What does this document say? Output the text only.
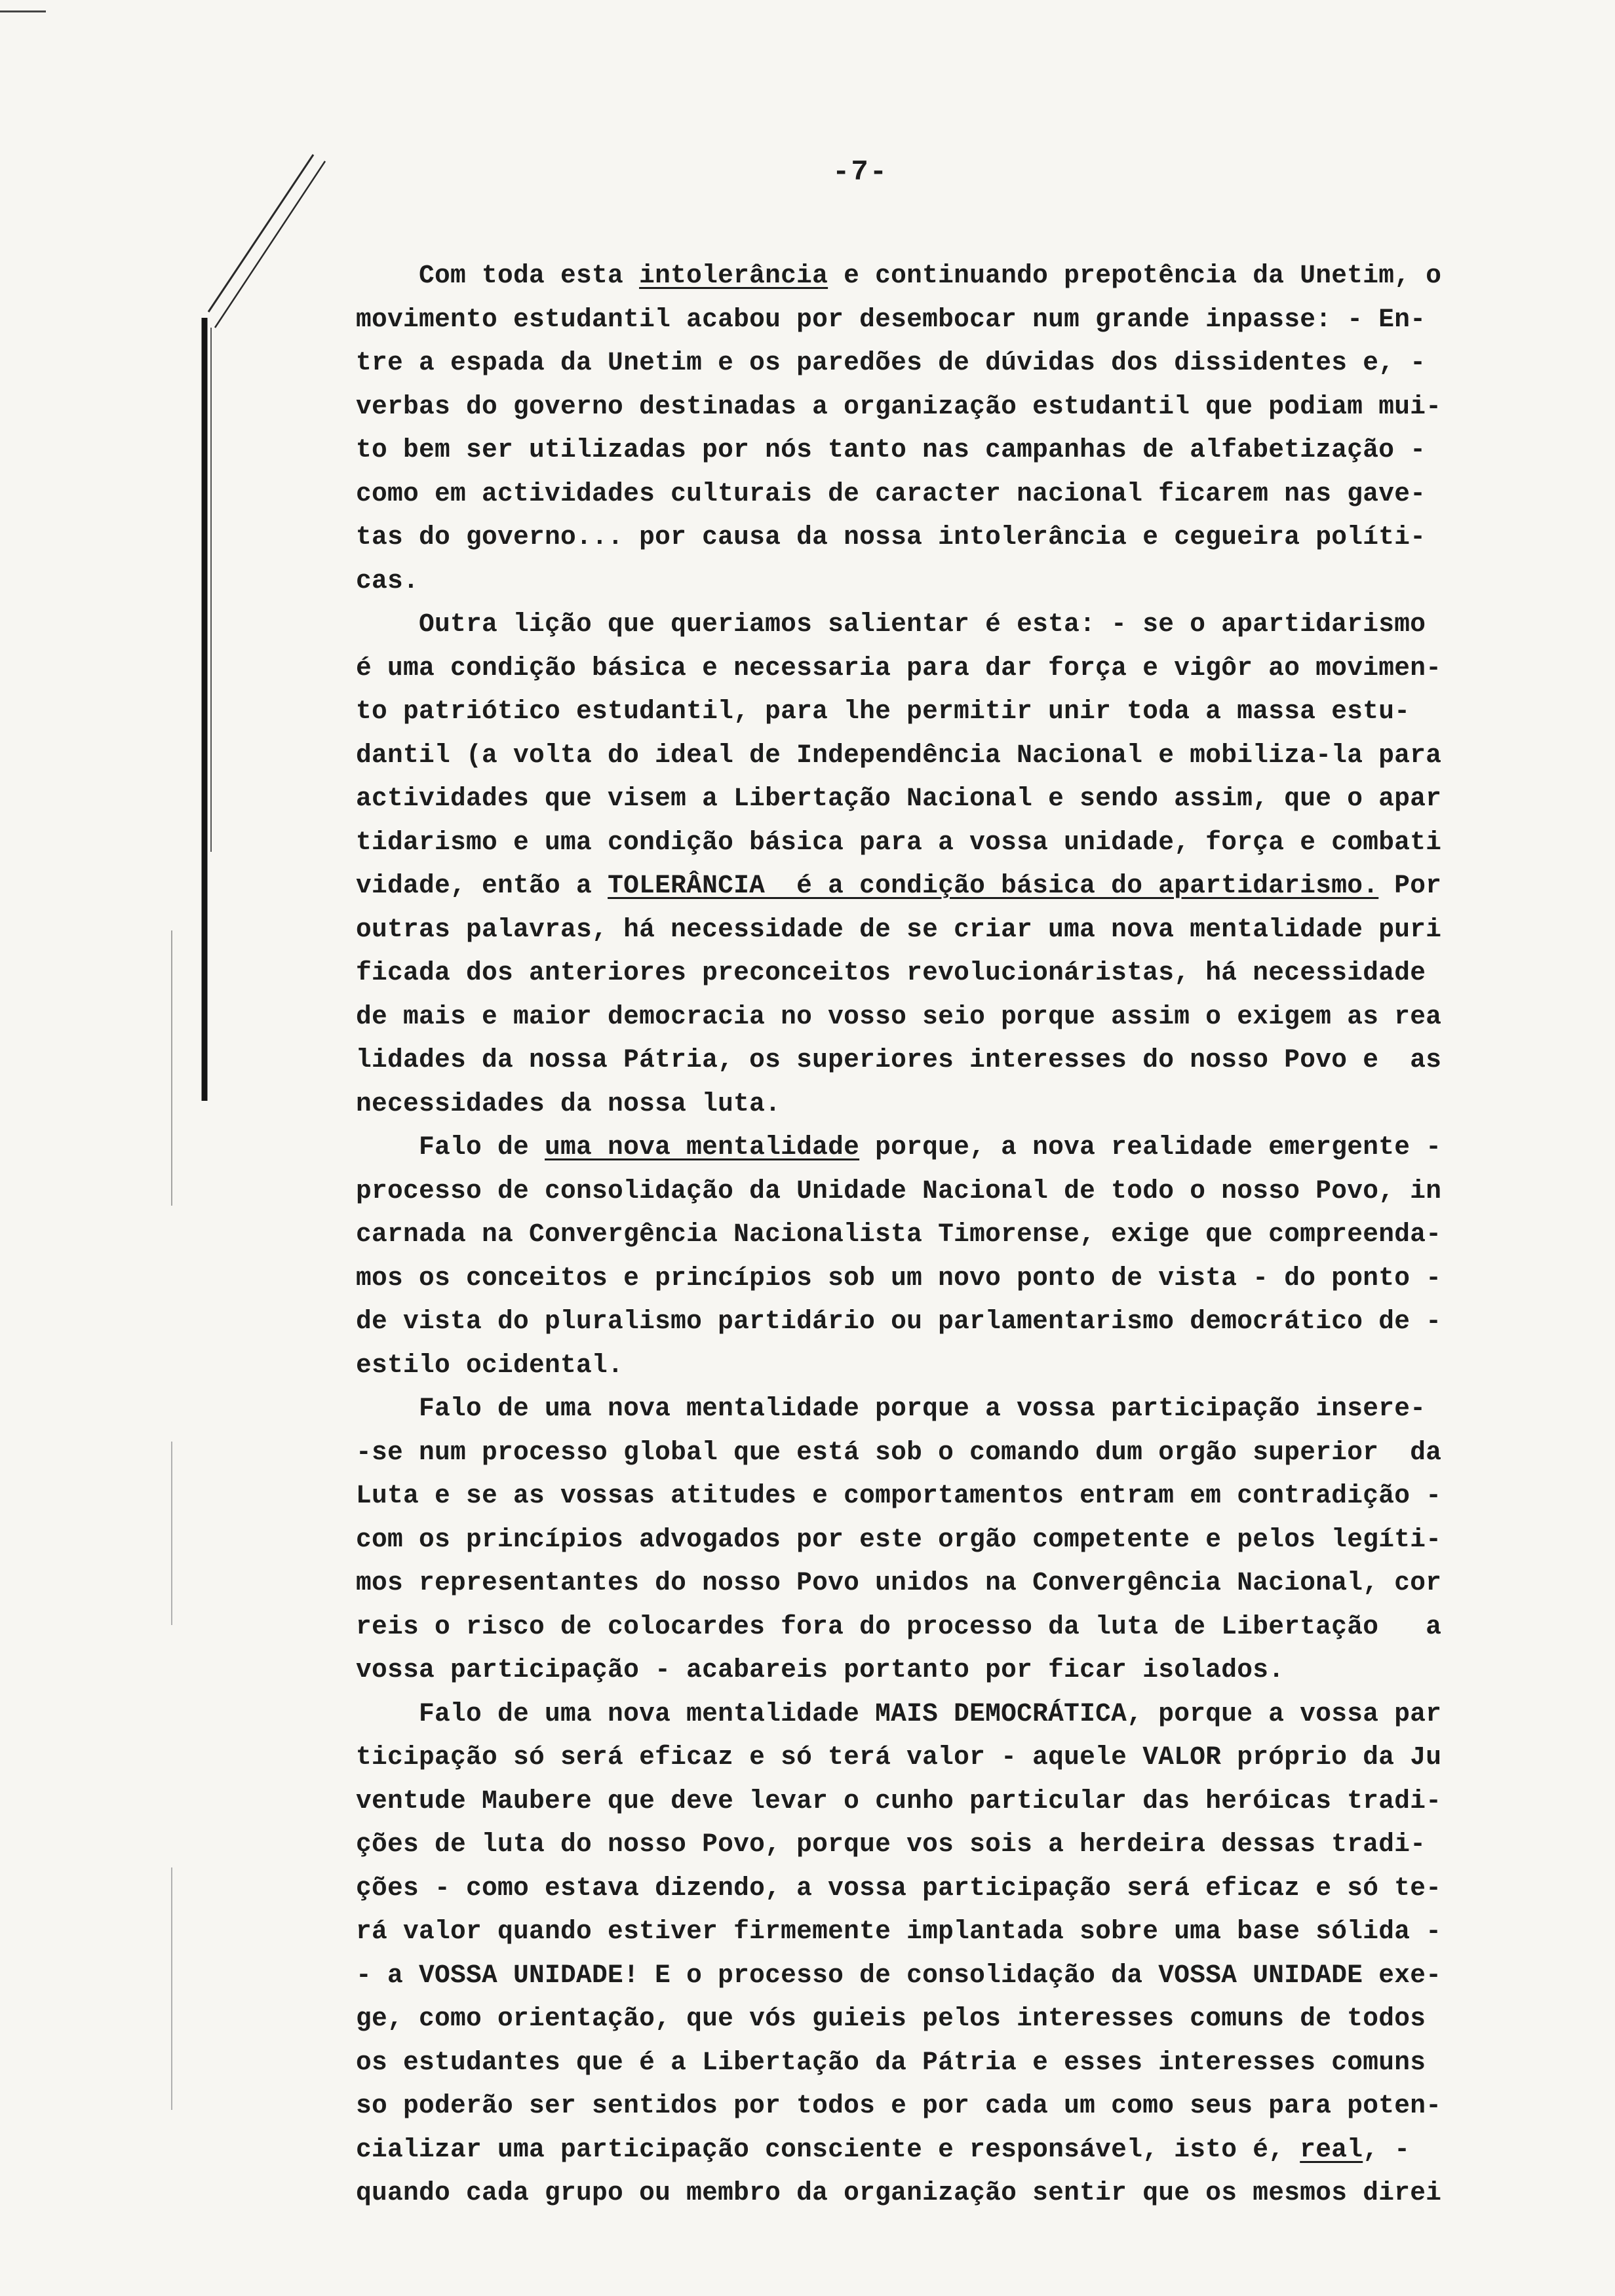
-7-
Com toda esta intolerância e continuando prepotência da Unetim, o
movimento estudantil acabou por desembocar num grande inpasse: - En-
tre a espada da Unetim e os paredões de dúvidas dos dissidentes e, -
verbas do governo destinadas a organização estudantil que podiam mui-
to bem ser utilizadas por nós tanto nas campanhas de alfabetização -
como em actividades culturais de caracter nacional ficarem nas gave-
tas do governo... por causa da nossa intolerância e cegueira políti-
cas.
Outra lição que queriamos salientar é esta: - se o apartidarismo
é uma condição básica e necessaria para dar força e vigôr ao movimen-
to patriótico estudantil, para lhe permitir unir toda a massa estu-
dantil (a volta do ideal de Independência Nacional e mobiliza-la para
actividades que visem a Libertação Nacional e sendo assim, que o apar
tidarismo e uma condição básica para a vossa unidade, força e combati
vidade, então a TOLERÂNCIA  é a condição básica do apartidarismo. Por
outras palavras, há necessidade de se criar uma nova mentalidade puri
ficada dos anteriores preconceitos revolucionáristas, há necessidade
de mais e maior democracia no vosso seio porque assim o exigem as rea
lidades da nossa Pátria, os superiores interesses do nosso Povo e  as
necessidades da nossa luta.
Falo de uma nova mentalidade porque, a nova realidade emergente -
processo de consolidação da Unidade Nacional de todo o nosso Povo, in
carnada na Convergência Nacionalista Timorense, exige que compreenda-
mos os conceitos e princípios sob um novo ponto de vista - do ponto -
de vista do pluralismo partidário ou parlamentarismo democrático de -
estilo ocidental.
Falo de uma nova mentalidade porque a vossa participação insere-
-se num processo global que está sob o comando dum orgão superior  da
Luta e se as vossas atitudes e comportamentos entram em contradição -
com os princípios advogados por este orgão competente e pelos legíti-
mos representantes do nosso Povo unidos na Convergência Nacional, cor
reis o risco de colocardes fora do processo da luta de Libertação   a
vossa participação - acabareis portanto por ficar isolados.
Falo de uma nova mentalidade MAIS DEMOCRÁTICA, porque a vossa par
ticipação só será eficaz e só terá valor - aquele VALOR próprio da Ju
ventude Maubere que deve levar o cunho particular das heróicas tradi-
ções de luta do nosso Povo, porque vos sois a herdeira dessas tradi-
ções - como estava dizendo, a vossa participação será eficaz e só te-
rá valor quando estiver firmemente implantada sobre uma base sólida -
- a VOSSA UNIDADE! E o processo de consolidação da VOSSA UNIDADE exe-
ge, como orientação, que vós guieis pelos interesses comuns de todos
os estudantes que é a Libertação da Pátria e esses interesses comuns
so poderão ser sentidos por todos e por cada um como seus para poten-
cializar uma participação consciente e responsável, isto é, real, -
quando cada grupo ou membro da organização sentir que os mesmos direi
